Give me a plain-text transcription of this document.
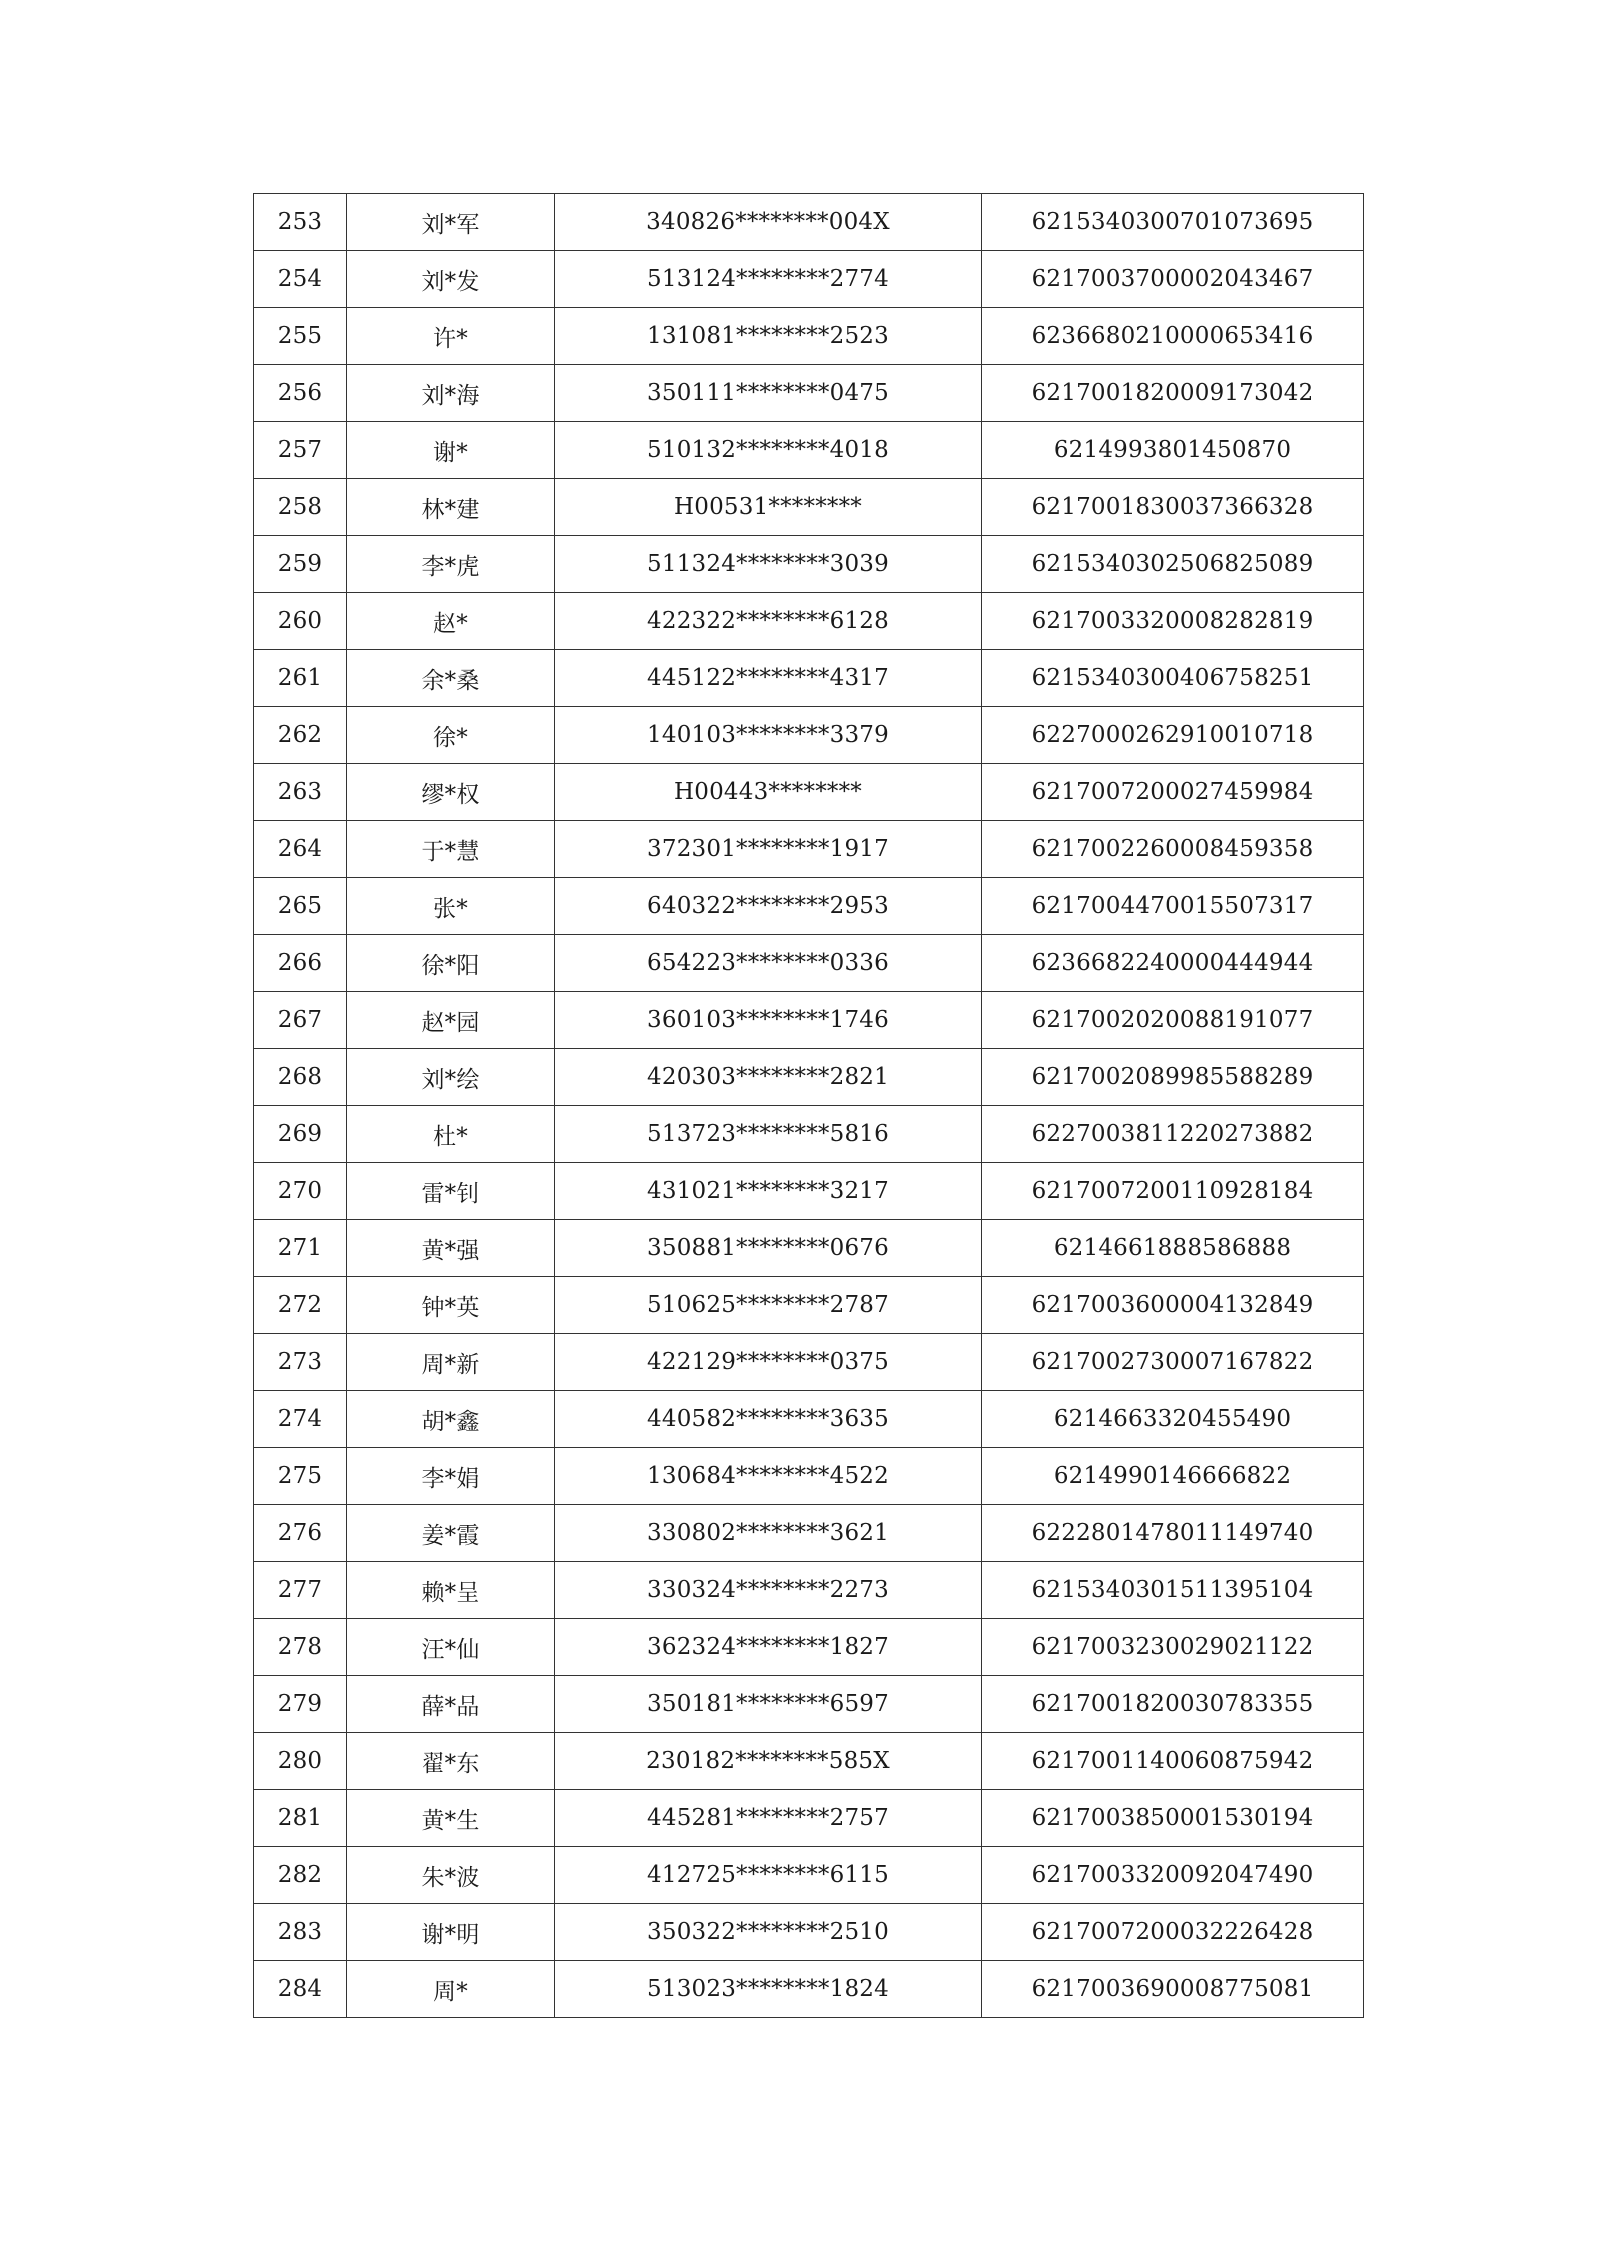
253	刘*军	340826********004X	6215340300701073695
254	刘*发	513124********2774	6217003700002043467
255	许*	131081********2523	6236680210000653416
256	刘*海	350111********0475	6217001820009173042
257	谢*	510132********4018	6214993801450870
258	林*建	H00531********	6217001830037366328
259	李*虎	511324********3039	6215340302506825089
260	赵*	422322********6128	6217003320008282819
261	余*桑	445122********4317	6215340300406758251
262	徐*	140103********3379	6227000262910010718
263	缪*权	H00443********	6217007200027459984
264	于*慧	372301********1917	6217002260008459358
265	张*	640322********2953	6217004470015507317
266	徐*阳	654223********0336	6236682240000444944
267	赵*园	360103********1746	6217002020088191077
268	刘*绘	420303********2821	6217002089985588289
269	杜*	513723********5816	6227003811220273882
270	雷*钊	431021********3217	6217007200110928184
271	黄*强	350881********0676	6214661888586888
272	钟*英	510625********2787	6217003600004132849
273	周*新	422129********0375	6217002730007167822
274	胡*鑫	440582********3635	6214663320455490
275	李*娟	130684********4522	6214990146666822
276	姜*霞	330802********3621	6222801478011149740
277	赖*呈	330324********2273	6215340301511395104
278	汪*仙	362324********1827	6217003230029021122
279	薛*品	350181********6597	6217001820030783355
280	翟*东	230182********585X	6217001140060875942
281	黄*生	445281********2757	6217003850001530194
282	朱*波	412725********6115	6217003320092047490
283	谢*明	350322********2510	6217007200032226428
284	周*	513023********1824	6217003690008775081
